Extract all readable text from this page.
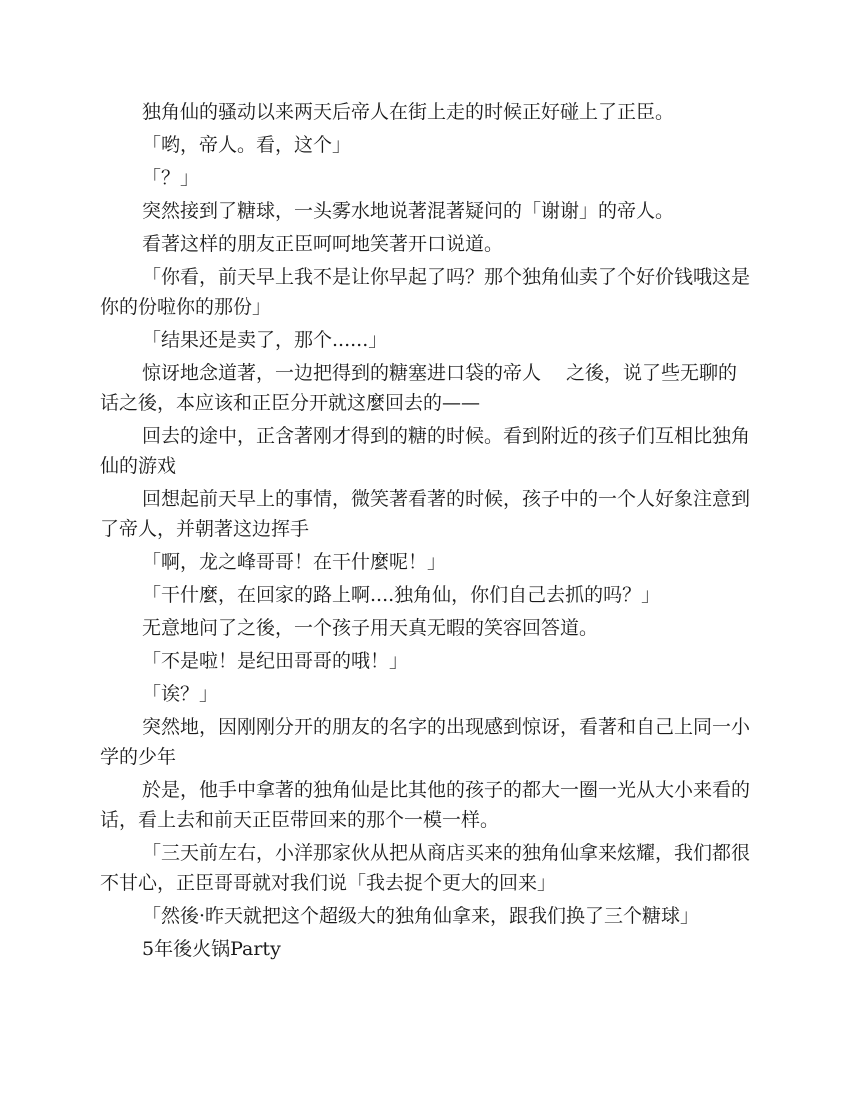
独角仙的骚动以来两天后帝人在街上走的时候正好碰上了正臣。

「哟，帝人。看，这个」

「？」

突然接到了糖球，一头雾水地说著混著疑问的「谢谢」的帝人。

看著这样的朋友正臣呵呵地笑著开口说道。

「你看，前天早上我不是让你早起了吗？那个独角仙卖了个好价钱哦这是你的份啦你的那份」

「结果还是卖了，那个......」

惊讶地念道著，一边把得到的糖塞进口袋的帝人　 之後，说了些无聊的话之後，本应该和正臣分开就这麼回去的——

回去的途中，正含著刚才得到的糖的时候。看到附近的孩子们互相比独角仙的游戏

回想起前天早上的事情，微笑著看著的时候，孩子中的一个人好象注意到了帝人，并朝著这边挥手

「啊，龙之峰哥哥！在干什麼呢！」

「干什麼，在回家的路上啊....独角仙，你们自己去抓的吗？」

无意地问了之後，一个孩子用天真无暇的笑容回答道。

「不是啦！是纪田哥哥的哦！」

「诶？」

突然地，因刚刚分开的朋友的名字的出现感到惊讶，看著和自己上同一小学的少年

於是，他手中拿著的独角仙是比其他的孩子的都大一圈一光从大小来看的话，看上去和前天正臣带回来的那个一模一样。

「三天前左右，小洋那家伙从把从商店买来的独角仙拿来炫耀，我们都很不甘心，正臣哥哥就对我们说「我去捉个更大的回来」

「然後·昨天就把这个超级大的独角仙拿来，跟我们换了三个糖球」

5年後火锅Party
